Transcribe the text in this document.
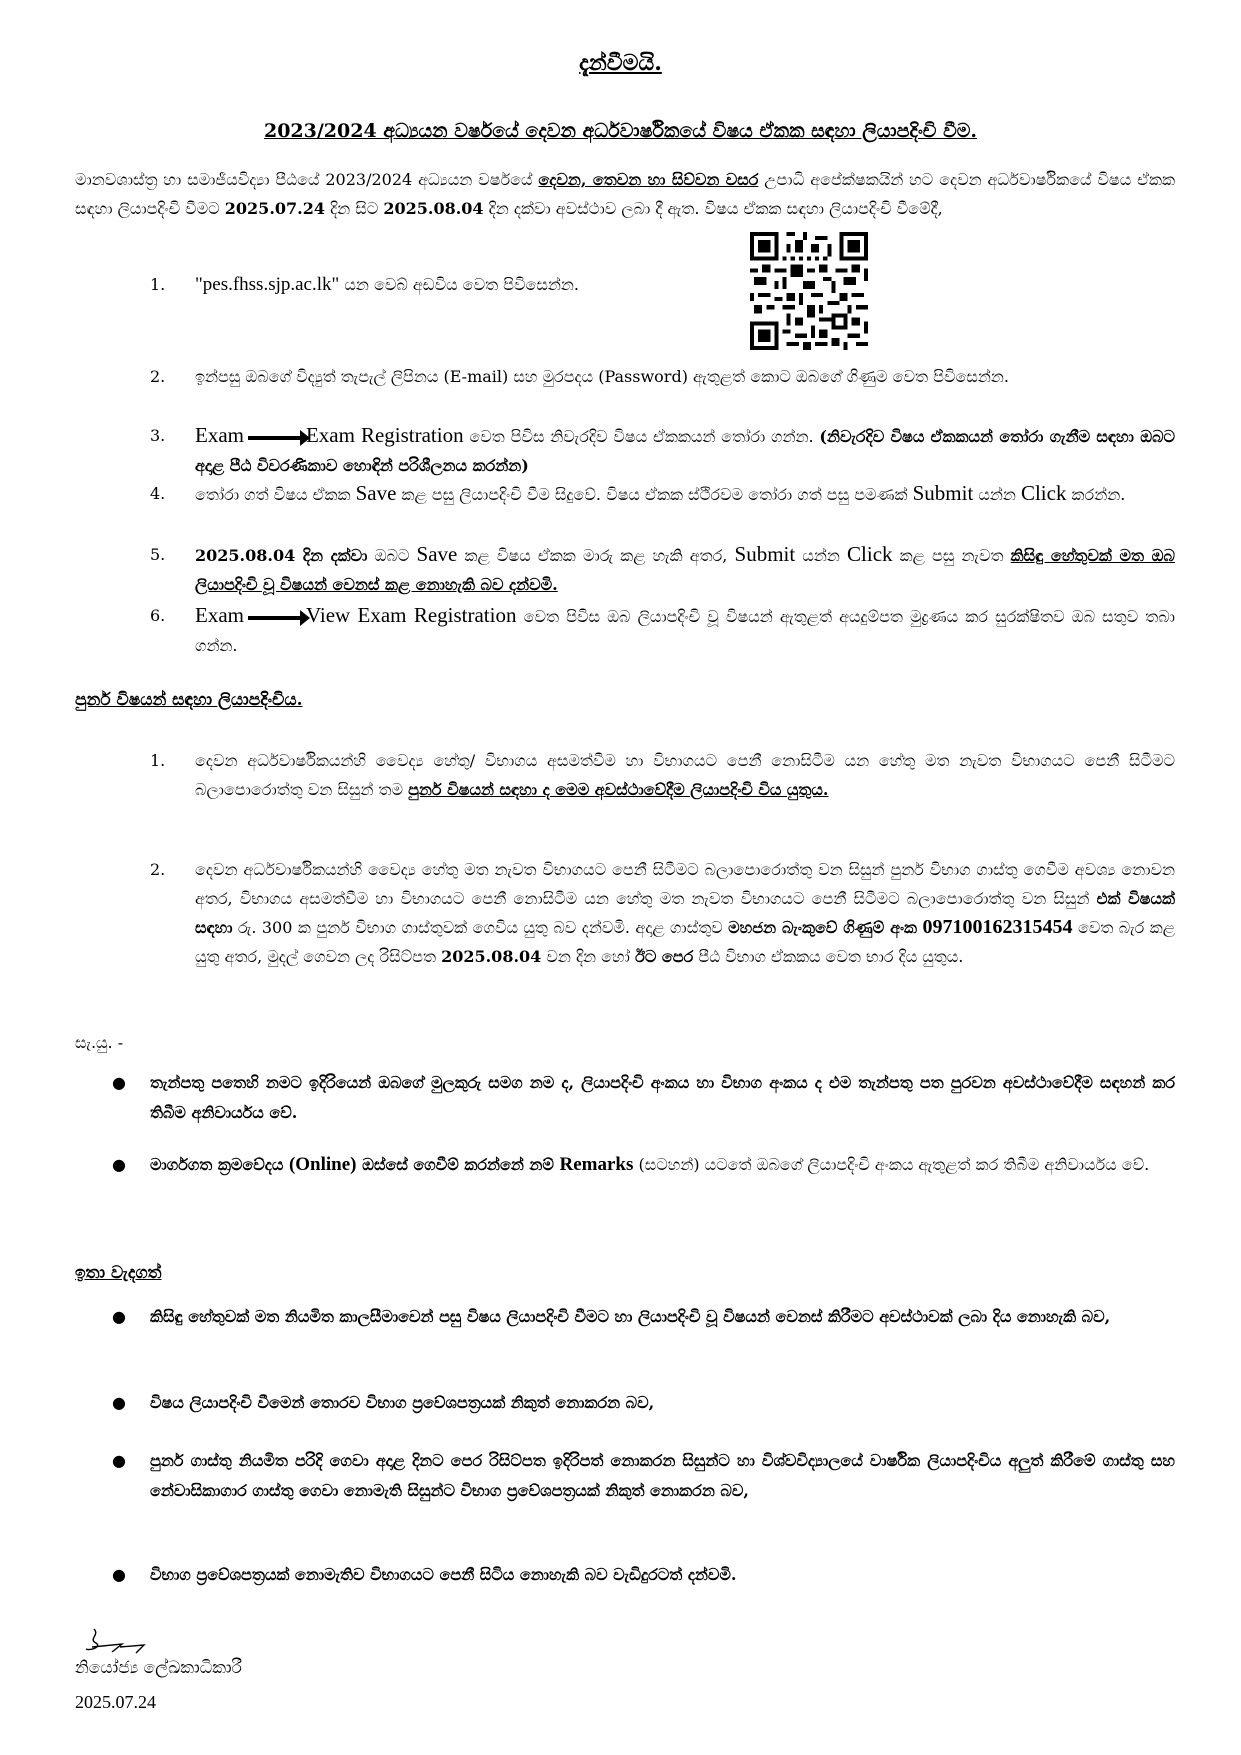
දැන්වීමයි.
2023/2024 අධ්‍යයන වර්ෂයේ දෙවන අර්ධවාර්ෂිකයේ විෂය ඒකක සඳහා ලියාපදිංචි වීම.
මානවශාස්ත්‍ර හා සමාජීයවිද්‍යා පීඨයේ 2023/2024 අධ්‍යයන වර්ෂයේ දෙවන, තෙවන හා සිව්වන වසර උපාධි අපේක්ෂකයින් හට දෙවන අර්ධවාර්ෂිකයේ විෂය ඒකක සඳහා ලියාපදිංචි වීමට 2025.07.24 දින සිට 2025.08.04 දින දක්වා අවස්ථාව ලබා දී ඇත. විෂය ඒකක සඳහා ලියාපදිංචි වීමේදී,
1.	"pes.fhss.sjp.ac.lk" යන වෙබ් අඩවිය වෙත පිවිසෙන්න.
2.	ඉන්පසු ඔබගේ විද්‍යුත් තැපැල් ලිපිනය (E-mail) සහ මුරපදය (Password) ඇතුළත් කොට ඔබගේ ගිණුම වෙත පිවිසෙන්න.
3.	Exam	Exam Registration වෙත පිවිස නිවැරදිව විෂය ඒකකයන් තෝරා ගන්න. (නිවැරදිව විෂය ඒකකයන් තෝරා ගැනීම සඳහා ඔබට අදාළ පීඨ විවරණිකාව හොඳින් පරිශීලනය කරන්න)
4.	තෝරා ගත් විෂය ඒකක Save කළ පසු ලියාපදිංචි වීම සිදුවේ. විෂය ඒකක ස්ථිරවම තෝරා ගත් පසු පමණක් Submit යන්න Click කරන්න.
5.	2025.08.04 දින දක්වා ඔබට Save කළ විෂය ඒකක මාරු කළ හැකි අතර, Submit යන්න Click කළ පසු නැවත කිසිඳු හේතුවක් මත ඔබ ලියාපදිංචි වූ විෂයන් වෙනස් කළ නොහැකි බව දන්වමි.
6.	Exam	View Exam Registration වෙත පිවිස ඔබ ලියාපදිංචි වූ විෂයන් ඇතුළත් අයදුම්පත මුද්‍රණය කර සුරක්ෂිතව ඔබ සතුව තබා ගන්න.
පුනර් විෂයන් සඳහා ලියාපදිංචිය.
1.	දෙවන අර්ධවාර්ෂිකයන්හි වෛද්‍ය හේතු/ විභාගය අසමත්වීම හා විභාගයට පෙනී නොසිටීම යන හේතු මත නැවත විභාගයට පෙනී සිටීමට බලාපොරොත්තු වන සිසුන් තම පුනර් විෂයන් සඳහා ද මෙම අවස්ථාවේදීම ලියාපදිංචි විය යුතුය.
2.	දෙවන අර්ධවාර්ෂිකයන්හි වෛද්‍ය හේතු මත නැවත විභාගයට පෙනී සිටීමට බලාපොරොත්තු වන සිසුන් පුනර් විභාග ගාස්තු ගෙවීම අවශ්‍ය නොවන අතර, විභාගය අසමත්වීම හා විභාගයට පෙනී නොසිටීම යන හේතු මත නැවත විභාගයට පෙනී සිටීමට බලාපොරොත්තු වන සිසුන් එක් විෂයක් සඳහා රු. 300 ක පුනර් විභාග ගාස්තුවක් ගෙවිය යුතු බව දන්වමි. අදාළ ගාස්තුව මහජන බැංකුවේ ගිණුම් අංක 097100162315454 වෙත බැර කළ යුතු අතර, මුදල් ගෙවන ලද රිසිට්පත 2025.08.04 වන දින හෝ ඊට පෙර පීඨ විභාග ඒකකය වෙත භාර දිය යුතුය.
සැ.යු. -
● තැන්පතු පතෙහි නමට ඉදිරියෙන් ඔබගේ මුලකුරු සමග නම ද, ලියාපදිංචි අංකය හා විභාග අංකය ද එම තැන්පතු පත පුරවන අවස්ථාවේදීම සඳහන් කර තිබීම අනිවාර්යය වේ.
● මාර්ගගත ක්‍රමවේදය (Online) ඔස්සේ ගෙවීම් කරන්නේ නම් Remarks (සටහන්) යටතේ ඔබගේ ලියාපදිංචි අංකය ඇතුළත් කර තිබීම අනිවාර්යය වේ.
ඉතා වැදගත්
● කිසිඳු හේතුවක් මත නියමිත කාලසීමාවෙන් පසු විෂය ලියාපදිංචි වීමට හා ලියාපදිංචි වූ විෂයන් වෙනස් කිරීමට අවස්ථාවක් ලබා දිය නොහැකි බව,
● විෂය ලියාපදිංචි වීමෙන් තොරව විභාග ප්‍රවේශපත්‍රයක් නිකුත් නොකරන බව,
● පුනර් ගාස්තු නියමිත පරිදි ගෙවා අදාළ දිනට පෙර රිසිට්පත ඉදිරිපත් නොකරන සිසුන්ට හා විශ්වවිද්‍යාලයේ වාර්ෂික ලියාපදිංචිය අලුත් කිරීමේ ගාස්තු සහ නේවාසිකාගාර ගාස්තු ගෙවා නොමැති සිසුන්ට විභාග ප්‍රවේශපත්‍රයක් නිකුත් නොකරන බව,
● විභාග ප්‍රවේශපත්‍රයක් නොමැතිව විභාගයට පෙනී සිටිය නොහැකි බව වැඩිදුරටත් දන්වමි.
නියෝජ්‍ය ලේඛකාධිකාරී
2025.07.24
